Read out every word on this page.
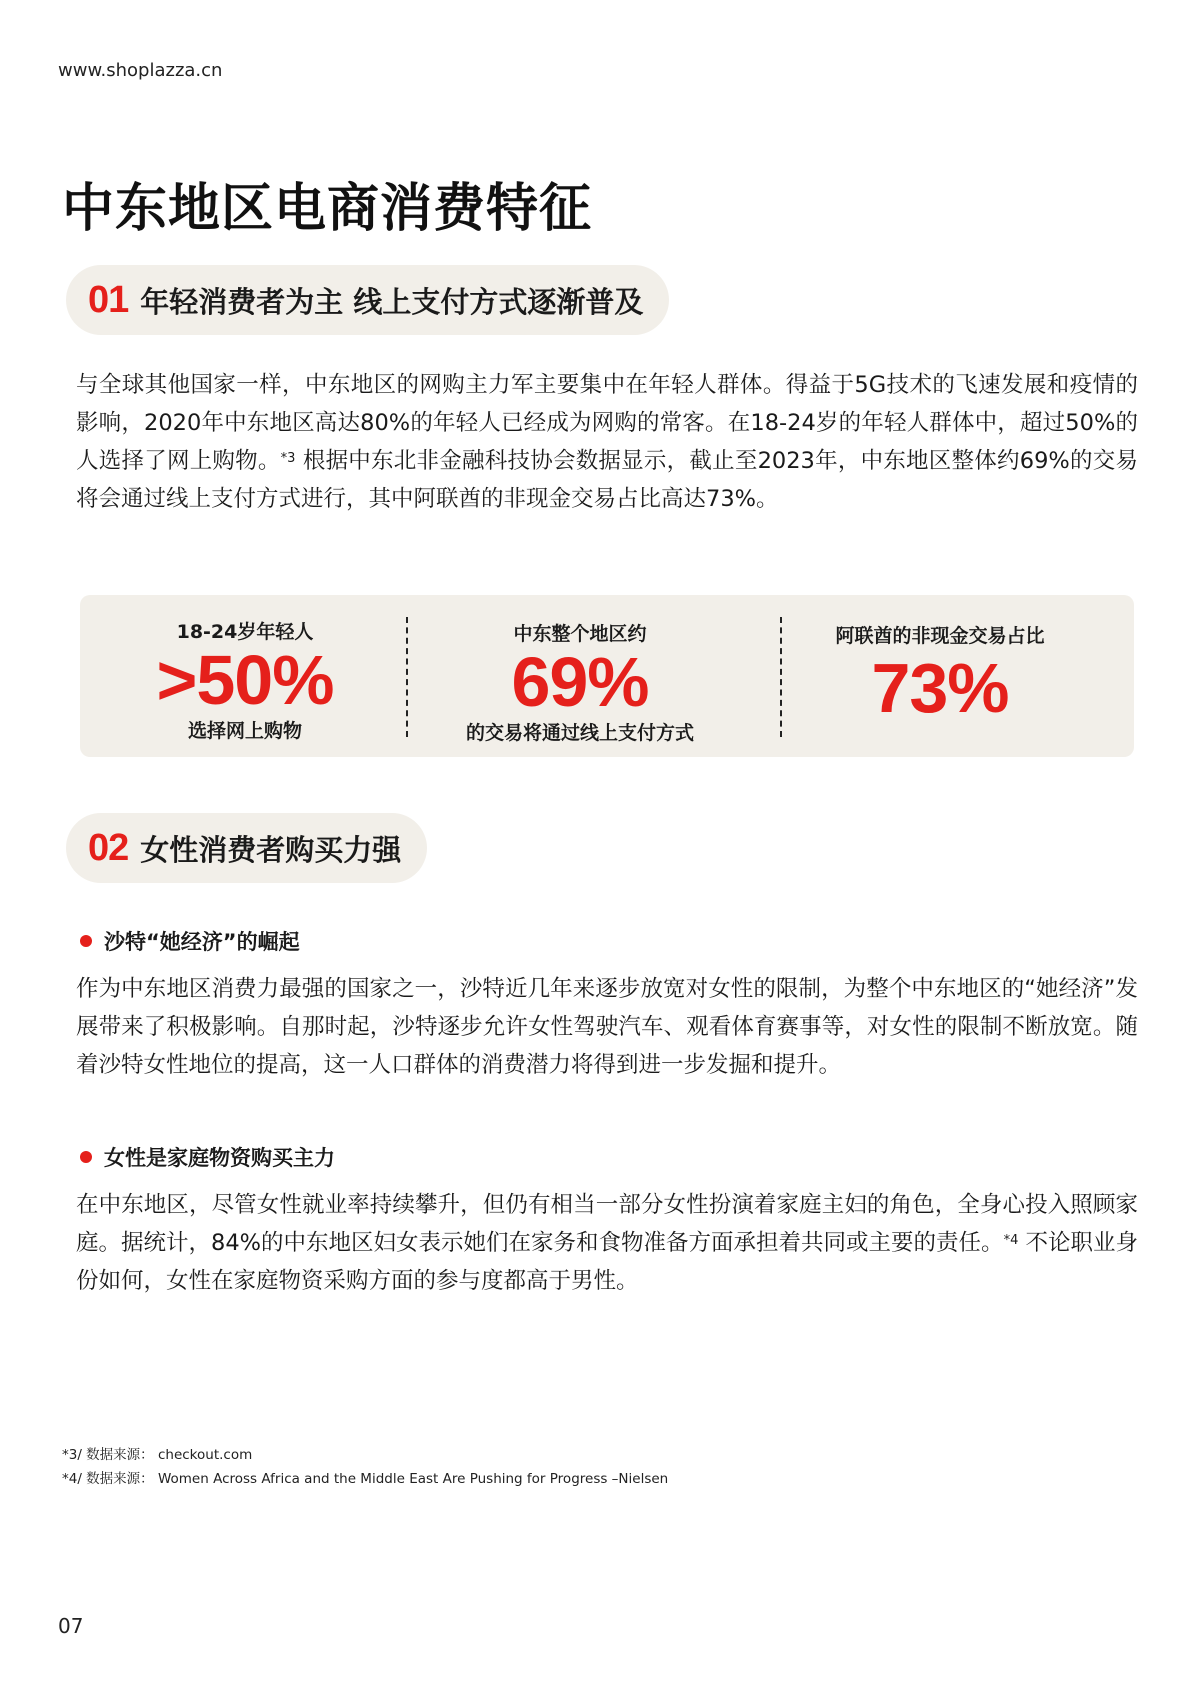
www.shoplazza.cn
中东地区电商消费特征
01 年轻消费者为主 线上支付方式逐渐普及

与全球其他国家一样，中东地区的网购主力军主要集中在年轻人群体。得益于5G技术的飞速发展和疫情的影响，2020年中东地区高达80%的年轻人已经成为网购的常客。在18-24岁的年轻人群体中，超过50%的人选择了网上购物。$^{*3}$ 根据中东北非金融科技协会数据显示，截止至2023年，中东地区整体约69%的交易将会通过线上支付方式进行，其中阿联酋的非现金交易占比高达73%。

18-24岁年轻人
>50%
选择网上购物
中东整个地区约
69%
的交易将通过线上支付方式
阿联酋的非现金交易占比
73%
02 女性消费者购买力强
沙特“她经济”的崛起

作为中东地区消费力最强的国家之一，沙特近几年来逐步放宽对女性的限制，为整个中东地区的“她经济”发展带来了积极影响。自那时起，沙特逐步允许女性驾驶汽车、观看体育赛事等，对女性的限制不断放宽。随着沙特女性地位的提高，这一人口群体的消费潜力将得到进一步发掘和提升。

女性是家庭物资购买主力

在中东地区，尽管女性就业率持续攀升，但仍有相当一部分女性扮演着家庭主妇的角色，全身心投入照顾家庭。据统计，84%的中东地区妇女表示她们在家务和食物准备方面承担着共同或主要的责任。$^{*4}$ 不论职业身份如何，女性在家庭物资采购方面的参与度都高于男性。

*3/ 数据来源： checkout.com
*4/ 数据来源： Women Across Africa and the Middle East Are Pushing for Progress –Nielsen
07
